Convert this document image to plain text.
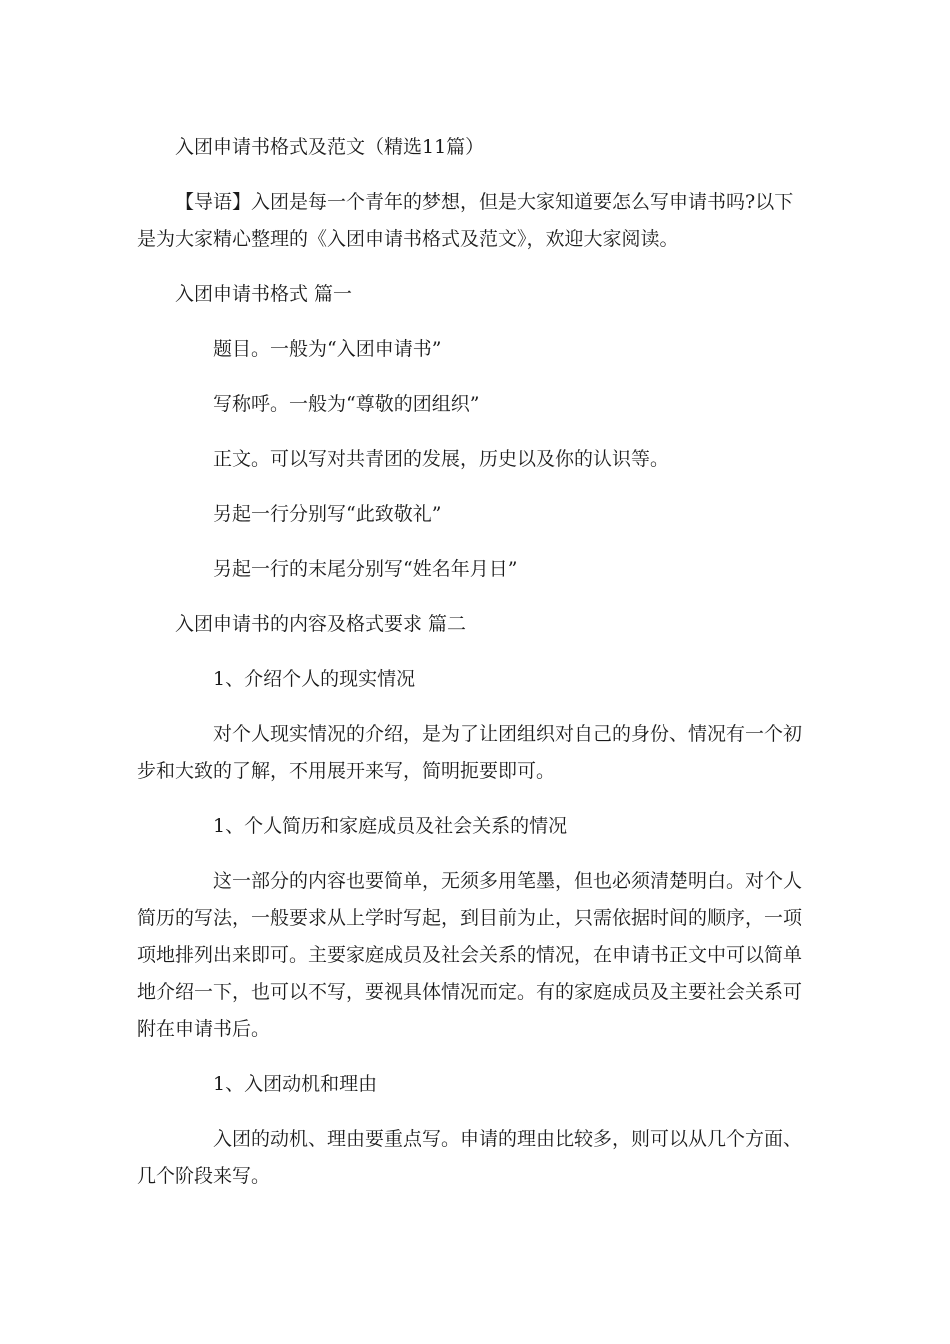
入团申请书格式及范文（精选11篇）

【导语】入团是每一个青年的梦想，但是大家知道要怎么写申请书吗?以下

是为大家精心整理的《入团申请书格式及范文》，欢迎大家阅读。

入团申请书格式 篇一

题目。一般为“入团申请书”

写称呼。一般为“尊敬的团组织”

正文。可以写对共青团的发展，历史以及你的认识等。

另起一行分别写“此致敬礼”

另起一行的末尾分别写“姓名年月日”

入团申请书的内容及格式要求 篇二

1、介绍个人的现实情况

对个人现实情况的介绍，是为了让团组织对自己的身份、情况有一个初

步和大致的了解，不用展开来写，简明扼要即可。

1、个人简历和家庭成员及社会关系的情况

这一部分的内容也要简单，无须多用笔墨，但也必须清楚明白。对个人

简历的写法，一般要求从上学时写起，到目前为止，只需依据时间的顺序，一项

项地排列出来即可。主要家庭成员及社会关系的情况，在申请书正文中可以简单

地介绍一下，也可以不写，要视具体情况而定。有的家庭成员及主要社会关系可

附在申请书后。

1、入团动机和理由

入团的动机、理由要重点写。申请的理由比较多，则可以从几个方面、

几个阶段来写。
